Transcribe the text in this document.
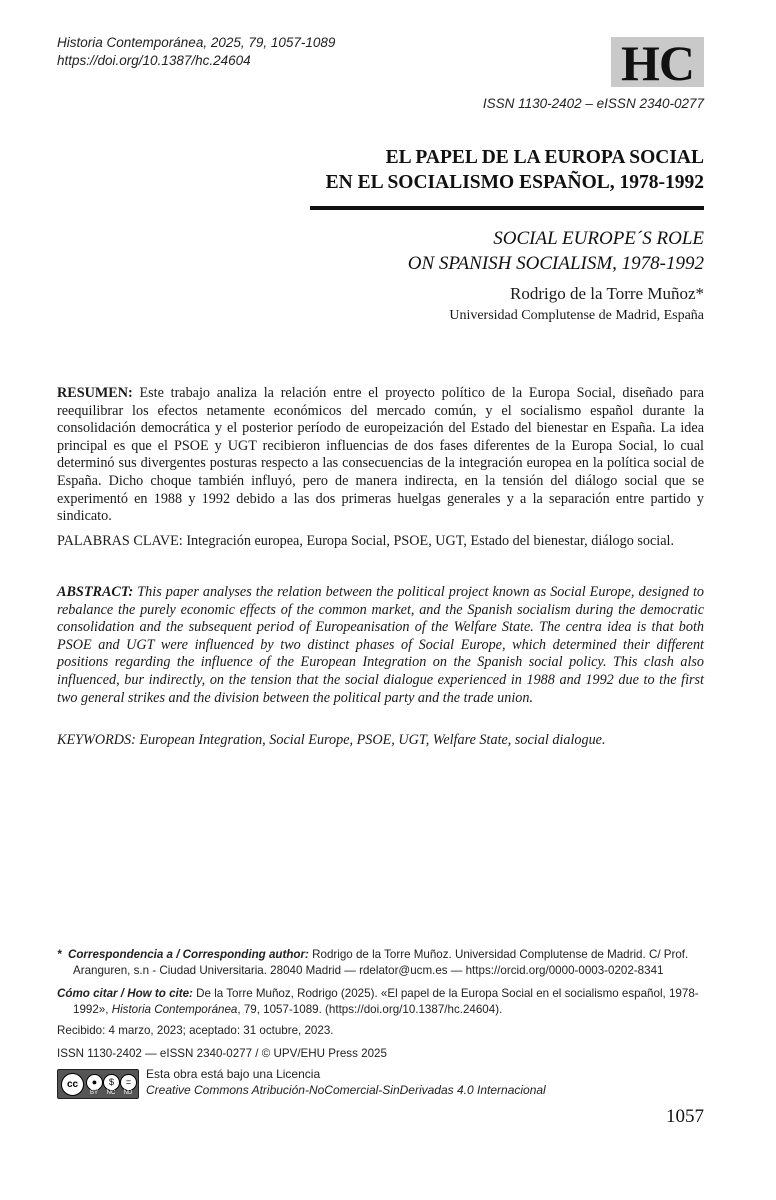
Historia Contemporánea, 2025, 79, 1057-1089
https://doi.org/10.1387/hc.24604	HC
ISSN 1130-2402 – eISSN 2340-0277
EL PAPEL DE LA EUROPA SOCIAL
EN EL SOCIALISMO ESPAÑOL, 1978-1992
SOCIAL EUROPE´S ROLE
ON SPANISH SOCIALISM, 1978-1992
Rodrigo de la Torre Muñoz*
Universidad Complutense de Madrid, España
RESUMEN: Este trabajo analiza la relación entre el proyecto político de la Europa Social, diseñado para reequilibrar los efectos netamente económicos del mercado común, y el socialismo español durante la consolidación democrática y el posterior período de europeización del Estado del bienestar en España. La idea principal es que el PSOE y UGT recibieron influencias de dos fases diferentes de la Europa Social, lo cual determinó sus divergentes posturas respecto a las consecuencias de la integración europea en la política social de España. Dicho choque también influyó, pero de manera indirecta, en la tensión del diálogo social que se experimentó en 1988 y 1992 debido a las dos primeras huelgas generales y a la separación entre partido y sindicato.
PALABRAS CLAVE: Integración europea, Europa Social, PSOE, UGT, Estado del bienestar, diálogo social.
ABSTRACT: This paper analyses the relation between the political project known as Social Europe, designed to rebalance the purely economic effects of the common market, and the Spanish socialism during the democratic consolidation and the subsequent period of Europeanisation of the Welfare State. The centra idea is that both PSOE and UGT were influenced by two distinct phases of Social Europe, which determined their different positions regarding the influence of the European Integration on the Spanish social policy. This clash also influenced, bur indirectly, on the tension that the social dialogue experienced in 1988 and 1992 due to the first two general strikes and the division between the political party and the trade union.
KEYWORDS: European Integration, Social Europe, PSOE, UGT, Welfare State, social dialogue.
* Correspondencia a / Corresponding author: Rodrigo de la Torre Muñoz. Universidad Complutense de Madrid. C/ Prof.
Aranguren, s.n - Ciudad Universitaria. 28040 Madrid — rdelator@ucm.es — https://orcid.org/0000-0003-0202-8341
Cómo citar / How to cite: De la Torre Muñoz, Rodrigo (2025). «El papel de la Europa Social en el socialismo español, 1978-
1992», Historia Contemporánea, 79, 1057-1089. (https://doi.org/10.1387/hc.24604).
Recibido: 4 marzo, 2023; aceptado: 31 octubre, 2023.
ISSN 1130-2402 — eISSN 2340-0277 / © UPV/EHU Press 2025
cc	●	$	=
BY	NC	ND
Esta obra está bajo una Licencia
Creative Commons Atribución-NoComercial-SinDerivadas 4.0 Internacional
1057
